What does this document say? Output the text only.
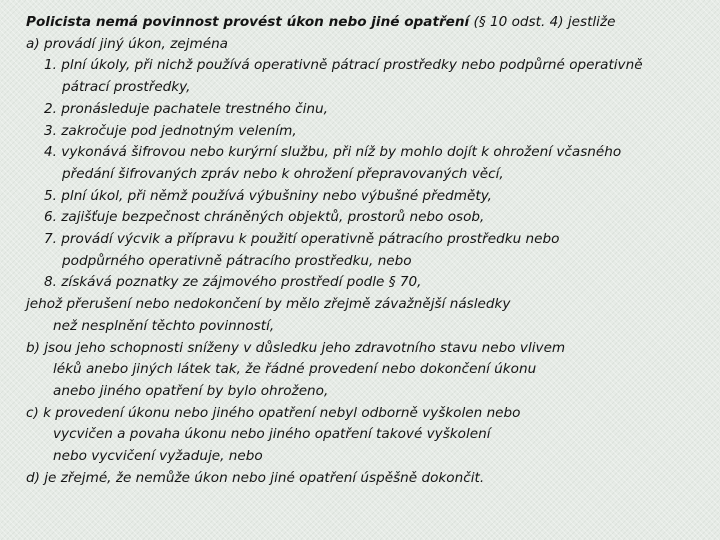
Policista nemá povinnost provést úkon nebo jiné opatření (§ 10 odst. 4) jestliže
a) provádí jiný úkon, zejména
1. plní úkoly, při nichž používá operativně pátrací prostředky nebo podpůrné operativně
pátrací prostředky,
2. pronásleduje pachatele trestného činu,
3. zakročuje pod jednotným velením,
4. vykonává šifrovou nebo kurýrní službu, při níž by mohlo dojít k ohrožení včasného
předání šifrovaných zpráv nebo k ohrožení přepravovaných věcí,
5. plní úkol, při němž používá výbušniny nebo výbušné předměty,
6. zajišťuje bezpečnost chráněných objektů, prostorů nebo osob,
7. provádí výcvik a přípravu k použití operativně pátracího prostředku nebo
podpůrného operativně pátracího prostředku, nebo
8. získává poznatky ze zájmového prostředí podle § 70,
jehož přerušení nebo nedokončení by mělo zřejmě závažnější následky
než nesplnění těchto povinností,
b) jsou jeho schopnosti sníženy v důsledku jeho zdravotního stavu nebo vlivem
léků anebo jiných látek tak, že řádné provedení nebo dokončení úkonu
anebo jiného opatření by bylo ohroženo,
c) k provedení úkonu nebo jiného opatření nebyl odborně vyškolen nebo
vycvičen a povaha úkonu nebo jiného opatření takové vyškolení
nebo vycvičení vyžaduje, nebo
d) je zřejmé, že nemůže úkon nebo jiné opatření úspěšně dokončit.
